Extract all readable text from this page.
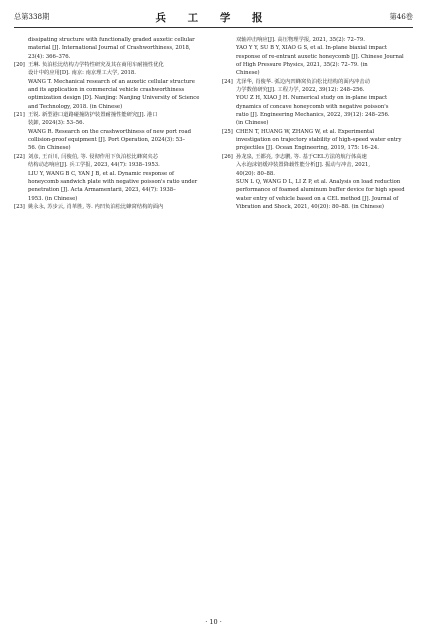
总第338期	兵 工 学 报	第46卷
dissipating structure with functionally graded auxetic cellular
material [J]. International Journal of Crashworthiness, 2018,
23(4): 366–376.
[20] 王琳. 负泊松比结构力学特性研究及其在商用车耐撞性优化
设计中的应用[D]. 南京: 南京理工大学, 2018.
WANG T. Mechanical research of an auxetic cellular structure
and its application in commercial vehicle crashworthiness
optimization design [D]. Nanjing: Nanjing University of Science
and Technology, 2018. (in Chinese)
[21] 王锐. 新型港口道路碰撞防护装置耐撞性能研究[J]. 港口
装卸, 2024(3): 53–56.
WANG R. Research on the crashworthiness of new port road
collision-proof equipment [J]. Port Operation, 2024(3): 53–
56. (in Chinese)
[22] 刘彦, 王百川, 闫俊伯, 等. 侵彻作用下负泊松比蜂窝夹芯
结构动态响应[J]. 兵工学报, 2023, 44(7): 1938–1953.
LIU Y, WANG B C, YAN J B, et al. Dynamic response of
honeycomb sandwich plate with negative poisson's ratio under
penetration [J]. Acta Armamentarii, 2023, 44(7): 1938–
1953. (in Chinese)
[23] 姚永永, 苏步云, 肖革胜, 等. 内凹负泊松比蜂窝结构的面内
双轴冲击响应[J]. 高压物理学报, 2021, 35(2): 72–79.
YAO Y Y, SU B Y, XIAO G S, et al. In-plane biaxial impact
response of re-entrant auxetic honeycomb [J]. Chinese Journal
of High Pressure Physics, 2021, 35(2): 72–79. (in
Chinese)
[24] 尤泽华, 肖俊华. 弧边内凹蜂窝负泊松比结构的面内冲击动
力学数值研究[J]. 工程力学, 2022, 39(12): 248–256.
YOU Z H, XIAO J H. Numerical study on in-plane impact
dynamics of concave honeycomb with negative poisson's
ratio [J]. Engineering Mechanics, 2022, 39(12): 248–256.
(in Chinese)
[25] CHEN T, HUANG W, ZHANG W, et al. Experimental
investigation on trajectory stability of high-speed water entry
projectiles [J]. Ocean Engineering, 2019, 175: 16–24.
[26] 孙龙泉, 王都亮, 李志鹏, 等. 基于CEL方法的航行体高速
入水泡沫铝缓冲装置降载性能分析[J]. 振动与冲击, 2021,
40(20): 80–88.
SUN L Q, WANG D L, LI Z P, et al. Analysis on load reduction
performance of foamed aluminum buffer device for high speed
water entry of vehicle based on a CEL method [J]. Journal of
Vibration and Shock, 2021, 40(20): 80–88. (in Chinese)
· 10 ·
